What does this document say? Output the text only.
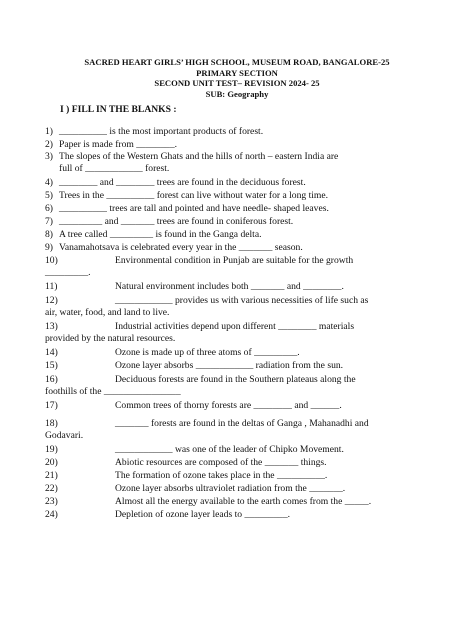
SACRED HEART GIRLS’ HIGH SCHOOL, MUSEUM ROAD, BANGALORE-25
PRIMARY SECTION
SECOND UNIT TEST– REVISION 2024- 25
SUB: Geography
I ) FILL IN THE BLANKS :
1) __________ is the most important products of forest.
2) Paper is made from ________.
3) The slopes of the Western Ghats and the hills of north – eastern India are
full of ____________ forest.
4) ________ and ________ trees are found in the deciduous forest.
5) Trees in the __________ forest can live without water for a long time.
6) __________ trees are tall and pointed and have needle- shaped leaves.
7) _________ and _______ trees are found in coniferous forest.
8) A tree called _________ is found in the Ganga delta.
9) Vanamahotsava is celebrated every year in the _______ season.
10)	Environmental condition in Punjab are suitable for the growth
_________.
11)	Natural environment includes both _______ and ________.
12)	____________ provides us with various necessities of life such as
air, water, food, and land to live.
13)	Industrial activities depend upon different ________ materials
provided by the natural resources.
14)	Ozone is made up of three atoms of _________.
15)	Ozone layer absorbs ____________ radiation from the sun.
16)	Deciduous forests are found in the Southern plateaus along the
foothills of the ________________
17)	Common trees of thorny forests are ________ and ______.
18)	_______ forests are found in the deltas of Ganga , Mahanadhi and
Godavari.
19)	____________ was one of the leader of Chipko Movement.
20)	Abiotic resources are composed of the _______ things.
21)	The formation of ozone takes place in the __________.
22)	Ozone layer absorbs ultraviolet radiation from the _______.
23)	Almost all the energy available to the earth comes from the _____.
24)	Depletion of ozone layer leads to _________.
